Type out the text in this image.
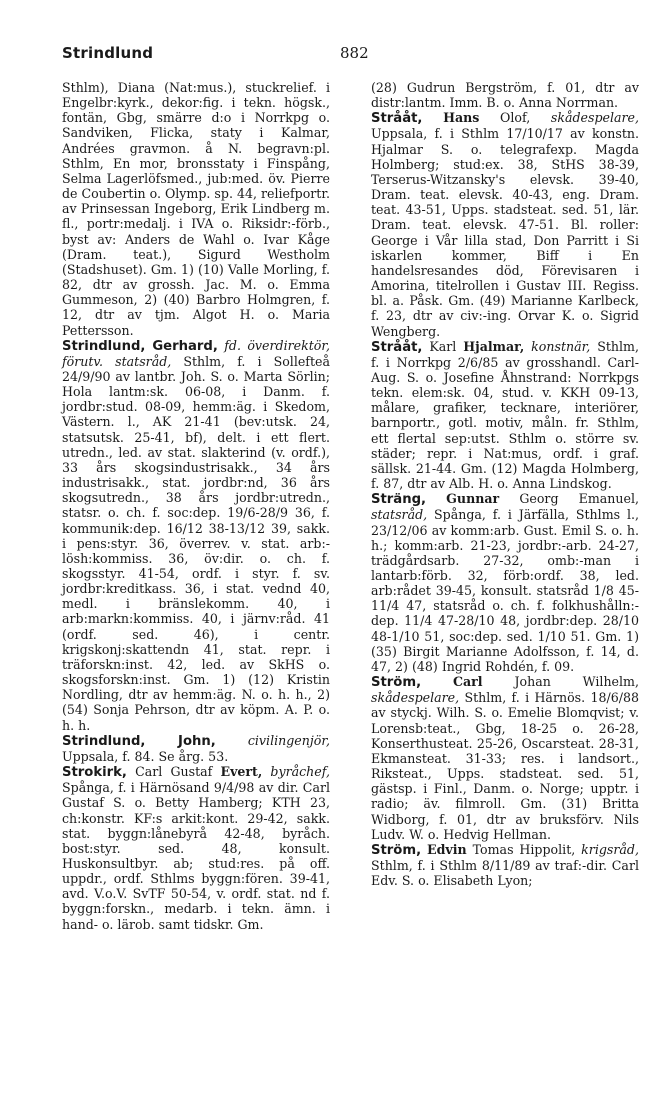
Strindlund	882

Sthlm), Diana (Nat:mus.), stuckrelief. i Engelbr:kyrk., dekor:fig. i tekn. högsk., fontän, Gbg, smärre d:o i Norrkpg o. Sandviken, Flicka, staty i Kalmar, Andrées gravmon. å N. begravn:pl. Sthlm, En mor, bronsstaty i Finspång, Selma Lagerlöfsmed., jub:med. öv. Pierre de Coubertin o. Olymp. sp. 44, reliefportr. av Prinsessan Ingeborg, Erik Lindberg m. fl., portr:medalj. i IVA o. Riksidr:-förb., byst av: Anders de Wahl o. Ivar Kåge (Dram. teat.), Sigurd Westholm (Stadshuset). Gm. 1) (10) Valle Morling, f. 82, dtr av grossh. Jac. M. o. Emma Gummeson, 2) (40) Barbro Holmgren, f. 12, dtr av tjm. Algot H. o. Maria Pettersson.

Strindlund, Gerhard, fd. överdirektör, förutv. statsråd, Sthlm, f. i Sollefteå 24/9/90 av lantbr. Joh. S. o. Marta Sörlin; Hola lantm:sk. 06-08, i Danm. f. jordbr:stud. 08-09, hemm:äg. i Skedom, Västern. l., AK 21-41 (bev:utsk. 24, statsutsk. 25-41, bf), delt. i ett flert. utredn., led. av stat. slakterind (v. ordf.), 33 års skogsindustrisakk., 34 års industrisakk., stat. jordbr:nd, 36 års skogsutredn., 38 års jordbr:utredn., statsr. o. ch. f. soc:dep. 19/6-28/9 36, f. kommunik:dep. 16/12 38-13/12 39, sakk. i pens:styr. 36, överrev. v. stat. arb:-lösh:kommiss. 36, öv:dir. o. ch. f. skogsstyr. 41-54, ordf. i styr. f. sv. jordbr:kreditkass. 36, i stat. vednd 40, medl. i bränslekomm. 40, i arb:markn:kommiss. 40, i järnv:råd. 41 (ordf. sed. 46), i centr. krigskonj:skattendn 41, stat. repr. i träforskn:inst. 42, led. av SkHS o. skogsforskn:inst. Gm. 1) (12) Kristin Nordling, dtr av hemm:äg. N. o. h. h., 2) (54) Sonja Pehrson, dtr av köpm. A. P. o. h. h.

Strindlund, John,	civilingenjör, Uppsala, f. 84. Se årg. 53.

Strokirk, Carl Gustaf Evert, byråchef, Spånga, f. i Härnösand 9/4/98 av dir. Carl Gustaf S. o. Betty Hamberg; KTH 23, ch:konstr. KF:s arkit:kont. 29-42, sakk. stat. byggn:lånebyrå 42-48, byråch. bost:styr. sed. 48, konsult. Huskonsultbyr. ab; stud:res. på off. uppdr., ordf. Sthlms byggn:fören. 39-41, avd. V.o.V. SvTF 50-54, v. ordf. stat. nd f. byggn:forskn., medarb. i tekn. ämn. i hand- o. lärob. samt tidskr. Gm.

(28) Gudrun Bergström, f. 01, dtr av distr:lantm. Imm. B. o. Anna Norrman.

Strååt, Hans Olof, skådespelare, Uppsala, f. i Sthlm 17/10/17 av konstn. Hjalmar S. o. telegrafexp. Magda Holmberg; stud:ex. 38, StHS 38-39, Terserus-Witzansky's elevsk. 39-40, Dram. teat. elevsk. 40-43, eng. Dram. teat. 43-51, Upps. stadsteat. sed. 51, lär. Dram. teat. elevsk. 47-51. Bl. roller: George i Vår lilla stad, Don Parritt i Si iskarlen kommer, Biff i En handelsresandes död, Förevisaren i Amorina, titelrollen i Gustav III. Regiss. bl. a. Påsk. Gm. (49) Marianne Karlbeck, f. 23, dtr av civ:-ing. Orvar K. o. Sigrid Wengberg.

Strååt, Karl Hjalmar, konstnär, Sthlm, f. i Norrkpg 2/6/85 av grosshandl. Carl-Aug. S. o. Josefine Åhnstrand: Norrkpgs tekn. elem:sk. 04, stud. v. KKH 09-13, målare, grafiker, tecknare, interiörer, barnportr., gotl. motiv, måln. fr. Sthlm, ett flertal sep:utst. Sthlm o. större sv. städer; repr. i Nat:mus, ordf. i graf. sällsk. 21-44. Gm. (12) Magda Holmberg, f. 87, dtr av Alb. H. o. Anna Lindskog.

Sträng, Gunnar Georg Emanuel, statsråd, Spånga, f. i Järfälla, Sthlms l., 23/12/06 av komm:arb. Gust. Emil S. o. h. h.; komm:arb. 21-23, jordbr:-arb. 24-27, trädgårdsarb. 27-32, omb:-man i lantarb:förb. 32, förb:ordf. 38, led. arb:rådet 39-45, konsult. statsråd 1/8 45-11/4 47, statsråd o. ch. f. folkhushålln:-dep. 11/4 47-28/10 48, jordbr:dep. 28/10 48-1/10 51, soc:dep. sed. 1/10 51. Gm. 1) (35) Birgit Marianne Adolfsson, f. 14, d. 47, 2) (48) Ingrid Rohdén, f. 09.

Ström,	Carl	Johan Wilhelm, skådespelare, Sthlm, f. i Härnös. 18/6/88 av styckj. Wilh. S. o. Emelie Blomqvist; v. Lorensb:teat., Gbg, 18-25 o. 26-28, Konserthusteat. 25-26, Oscarsteat. 28-31, Ekmansteat. 31-33; res. i landsort., Riksteat., Upps. stadsteat. sed. 51, gästsp. i Finl., Danm. o. Norge; upptr. i radio; äv. filmroll. Gm. (31) Britta Widborg, f. 01, dtr av bruksförv. Nils Ludv. W. o. Hedvig Hellman.

Ström, Edvin Tomas Hippolit, krigsråd, Sthlm, f. i Sthlm 8/11/89 av traf:-dir. Carl Edv. S. o. Elisabeth Lyon;
